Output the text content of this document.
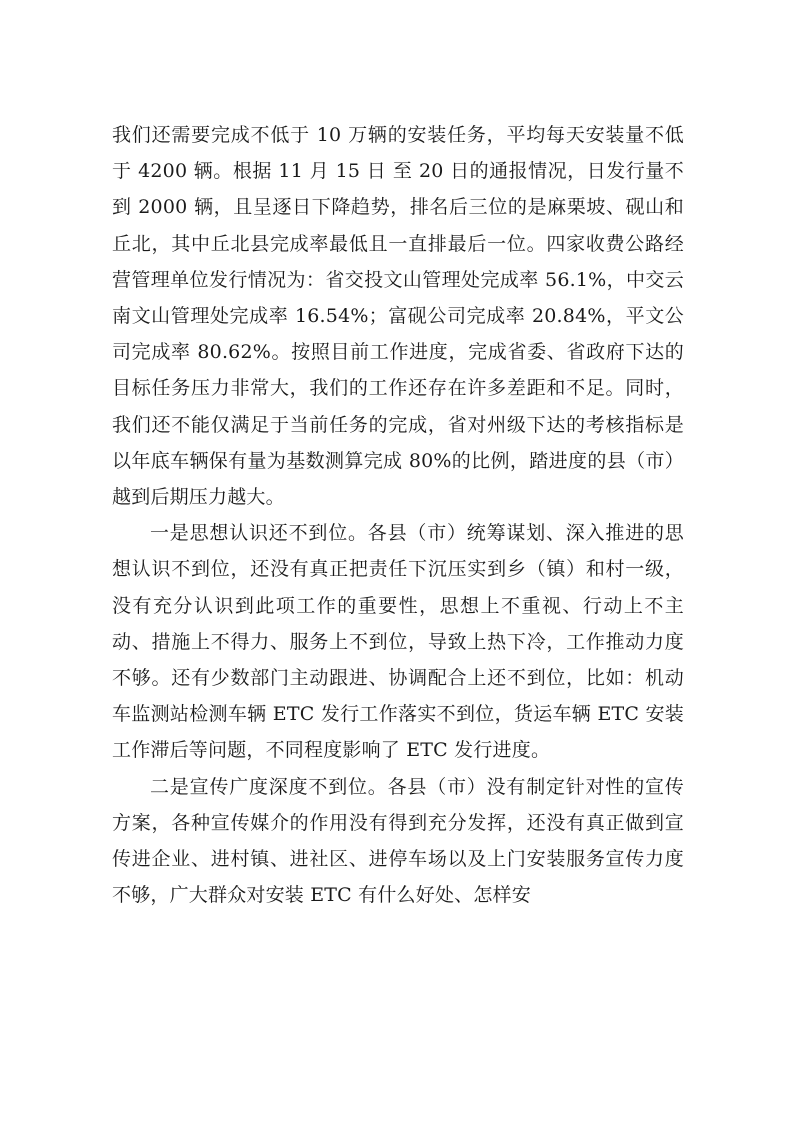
我们还需要完成不低于 10 万辆的安装任务，平均每天安装量不低于 4200 辆。根据 11 月 15 日 至 20 日的通报情况，日发行量不到 2000 辆，且呈逐日下降趋势，排名后三位的是麻栗坡、砚山和丘北，其中丘北县完成率最低且一直排最后一位。四家收费公路经营管理单位发行情况为：省交投文山管理处完成率 56.1%，中交云南文山管理处完成率 16.54%；富砚公司完成率 20.84%，平文公司完成率 80.62%。按照目前工作进度，完成省委、省政府下达的目标任务压力非常大，我们的工作还存在许多差距和不足。同时，我们还不能仅满足于当前任务的完成，省对州级下达的考核指标是以年底车辆保有量为基数测算完成 80%的比例，踏进度的县（市）越到后期压力越大。

一是思想认识还不到位。各县（市）统筹谋划、深入推进的思想认识不到位，还没有真正把责任下沉压实到乡（镇）和村一级，没有充分认识到此项工作的重要性，思想上不重视、行动上不主动、措施上不得力、服务上不到位，导致上热下冷，工作推动力度不够。还有少数部门主动跟进、协调配合上还不到位，比如：机动车监测站检测车辆 ETC 发行工作落实不到位，货运车辆 ETC 安装工作滞后等问题，不同程度影响了 ETC 发行进度。

二是宣传广度深度不到位。各县（市）没有制定针对性的宣传方案，各种宣传媒介的作用没有得到充分发挥，还没有真正做到宣传进企业、进村镇、进社区、进停车场以及上门安装服务宣传力度不够，广大群众对安装 ETC 有什么好处、怎样安
